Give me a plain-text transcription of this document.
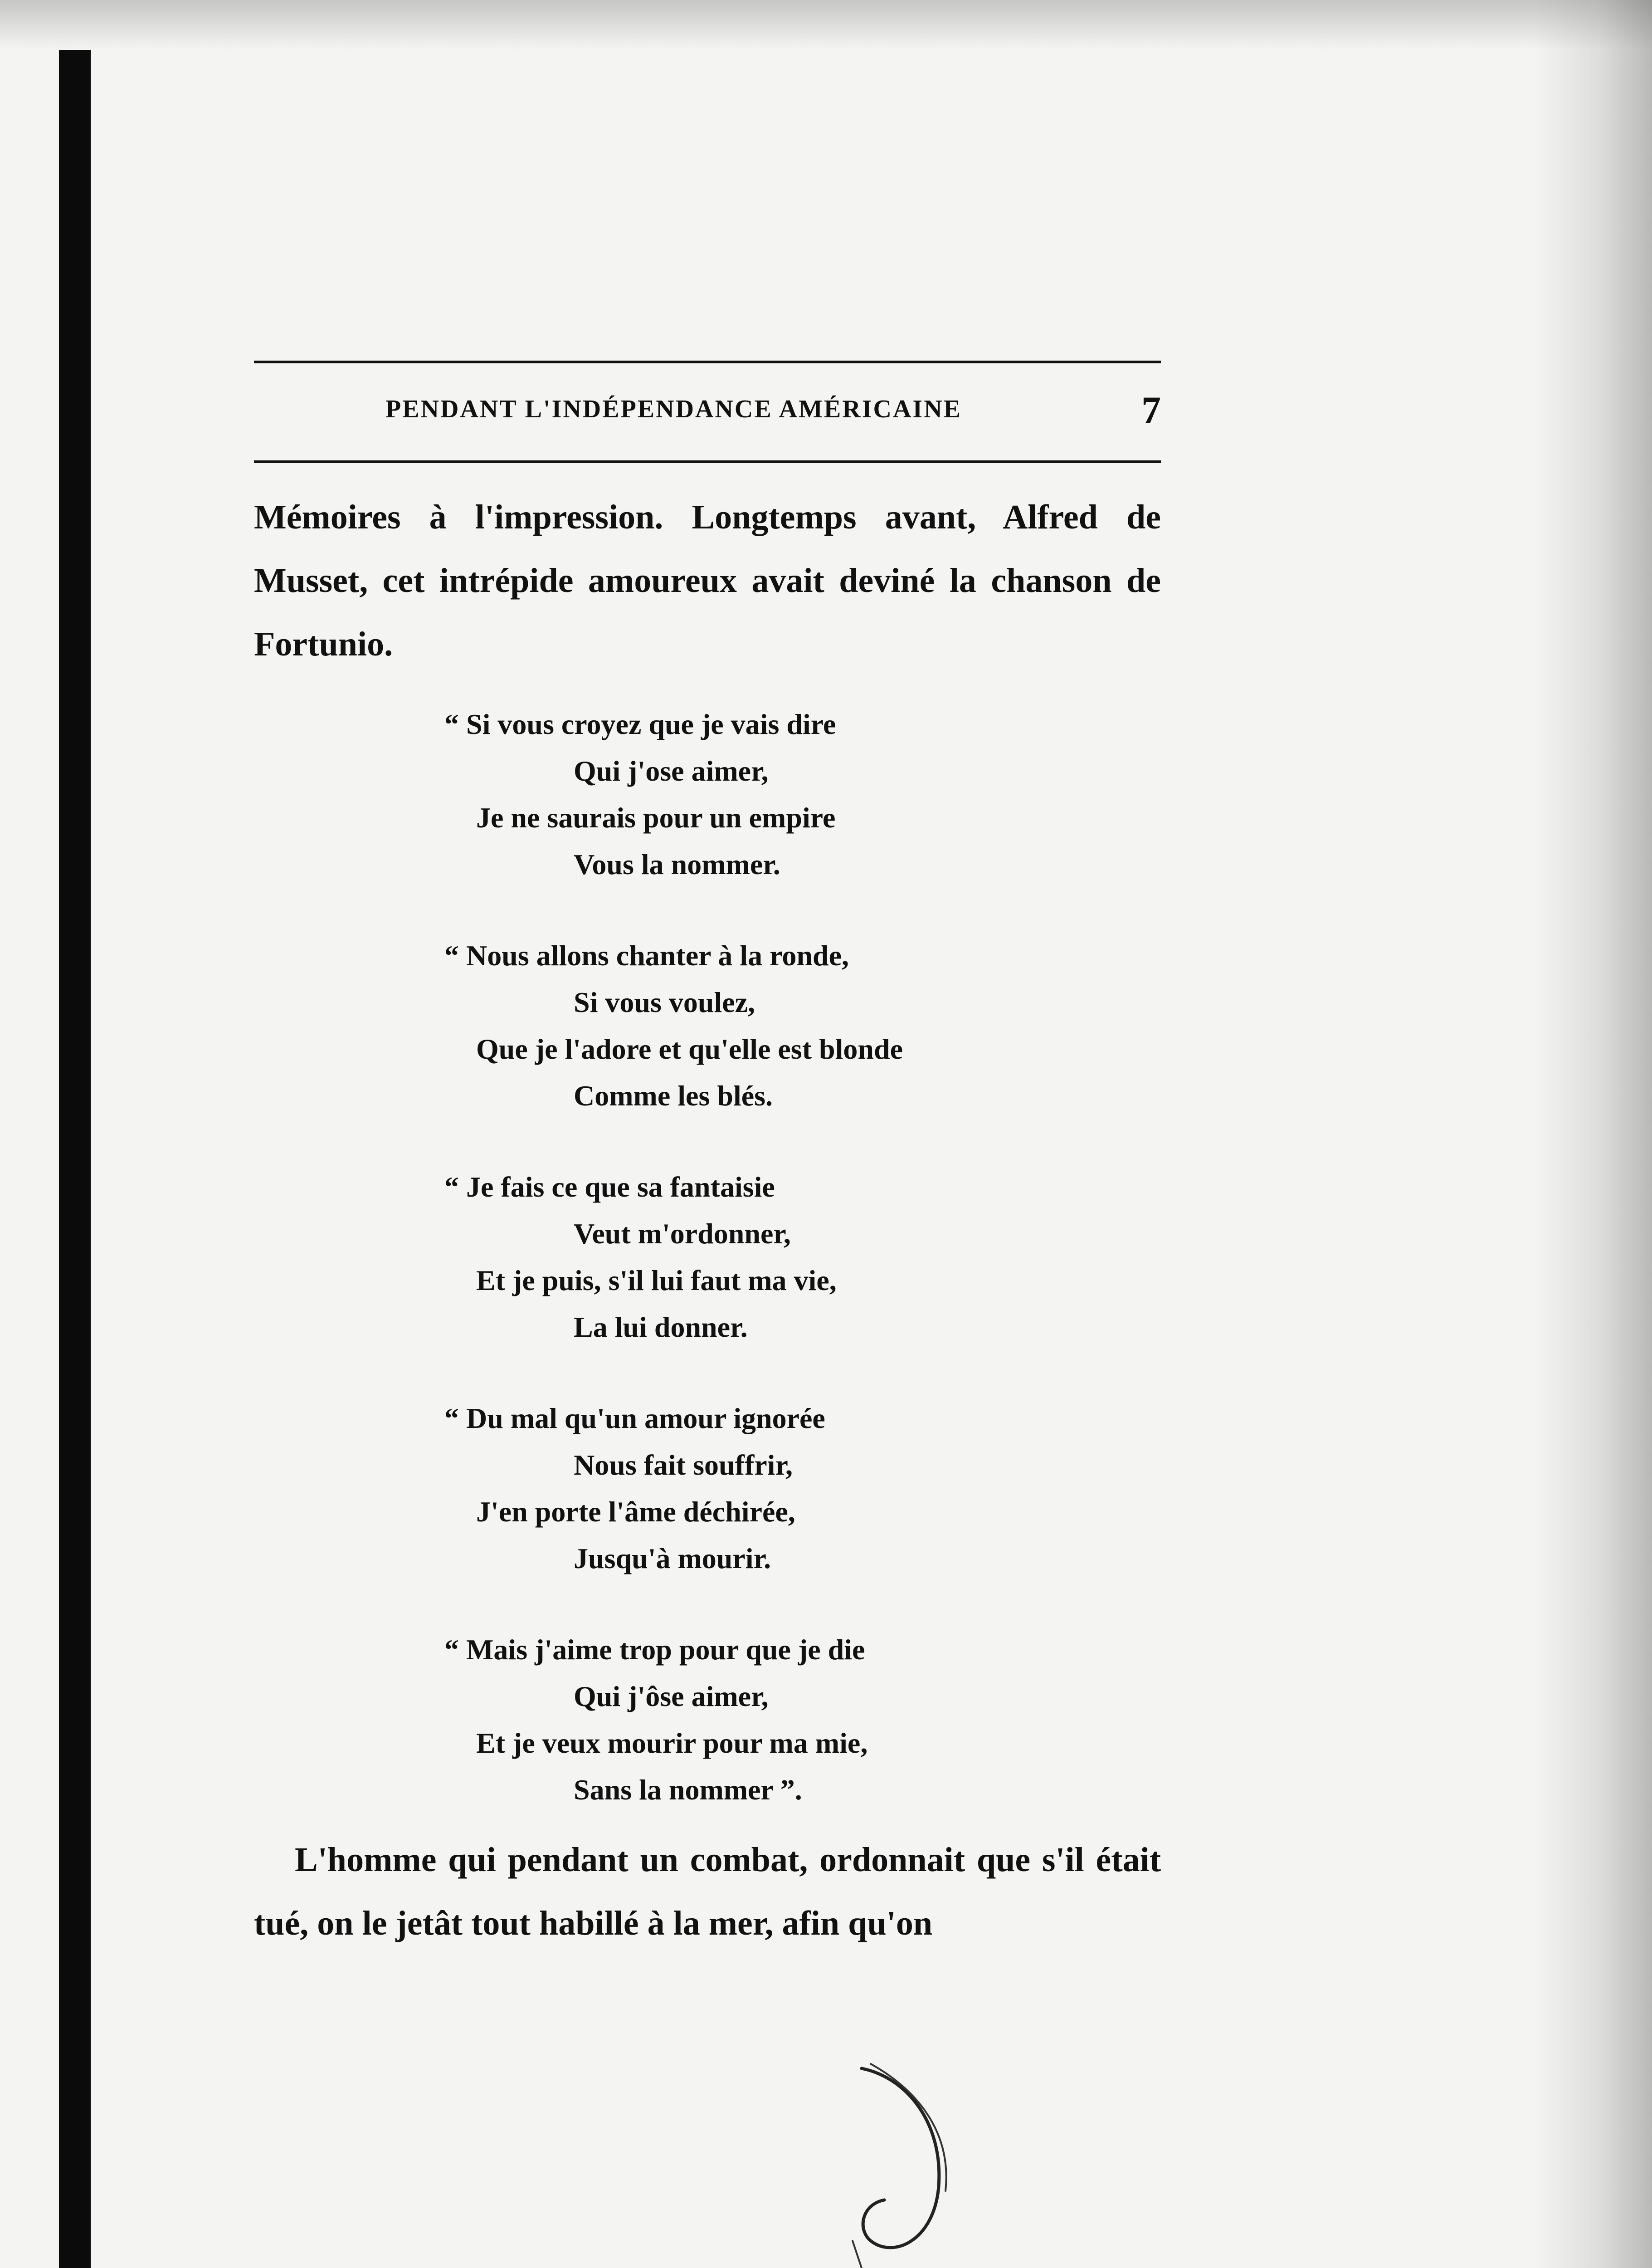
PENDANT L'INDÉPENDANCE AMÉRICAINE	7

Mémoires à l'impression. Longtemps avant, Alfred de Musset, cet intrépide amoureux avait deviné la chanson de Fortunio.

“ Si vous croyez que je vais dire
Qui j'ose aimer,
Je ne saurais pour un empire
Vous la nommer.
“ Nous allons chanter à la ronde,
Si vous voulez,
Que je l'adore et qu'elle est blonde
Comme les blés.
“ Je fais ce que sa fantaisie
Veut m'ordonner,
Et je puis, s'il lui faut ma vie,
La lui donner.
“ Du mal qu'un amour ignorée
Nous fait souffrir,
J'en porte l'âme déchirée,
Jusqu'à mourir.
“ Mais j'aime trop pour que je die
Qui j'ôse aimer,
Et je veux mourir pour ma mie,
Sans la nommer ”.

L'homme qui pendant un combat, ordonnait que s'il était tué, on le jetât tout habillé à la mer, afin qu'on
